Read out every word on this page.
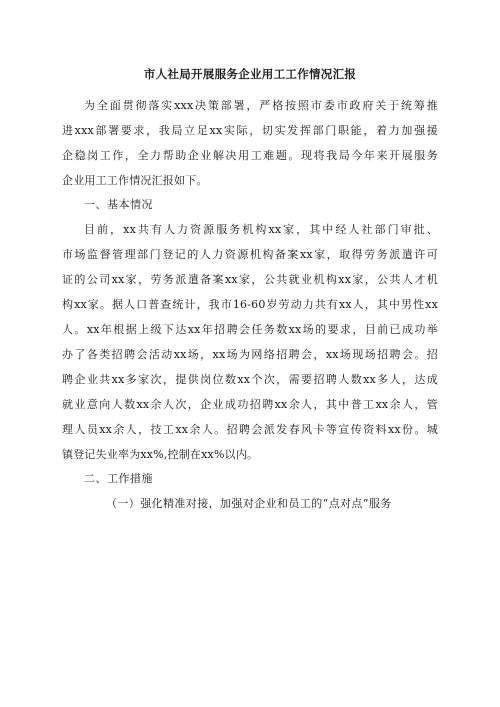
市人社局开展服务企业用工工作情况汇报
为全面贯彻落实xxx决策部署，严格按照市委市政府关于统筹推
进xxx部署要求，我局立足xx实际，切实发挥部门职能，着力加强援
企稳岗工作，全力帮助企业解决用工难题。现将我局今年来开展服务
企业用工工作情况汇报如下。
一、基本情况
目前，xx共有人力资源服务机构xx家，其中经人社部门审批、
市场监督管理部门登记的人力资源机构备案xx家，取得劳务派遣许可
证的公司xx家，劳务派遣备案xx家，公共就业机构xx家，公共人才机
构xx家。据人口普查统计，我市16-60岁劳动力共有xx人，其中男性xx
人。xx年根据上级下达xx年招聘会任务数xx场的要求，目前已成功举
办了各类招聘会活动xx场，xx场为网络招聘会，xx场现场招聘会。招
聘企业共xx多家次，提供岗位数xx个次，需要招聘人数xx多人，达成
就业意向人数xx余人次，企业成功招聘xx余人，其中普工xx余人，管
理人员xx余人，技工xx余人。招聘会派发春风卡等宣传资料xx份。城
镇登记失业率为xx%,控制在xx%以内。
二、工作措施
（一）强化精准对接，加强对企业和员工的“点对点”服务
